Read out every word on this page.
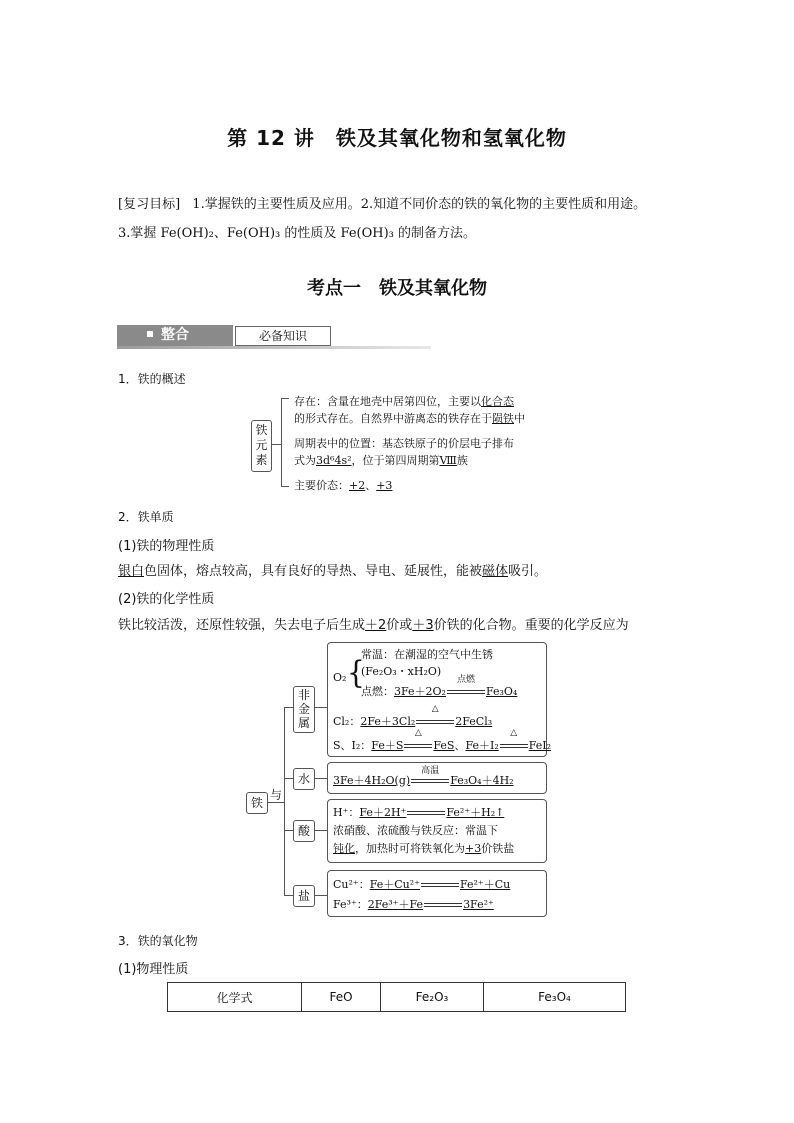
第 12 讲　铁及其氧化物和氢氧化物
[复习目标] 1.掌握铁的主要性质及应用。2.知道不同价态的铁的氧化物的主要性质和用途。
3.掌握 Fe(OH)₂、Fe(OH)₃ 的性质及 Fe(OH)₃ 的制备方法。
考点一　铁及其氧化物
整合	必备知识
1．铁的概述
铁元素
存在：含量在地壳中居第四位，主要以化合态
的形式存在。自然界中游离态的铁存在于陨铁中
周期表中的位置：基态铁原子的价层电子排布
式为3d⁶4s²，位于第四周期第Ⅷ族
主要价态：+2、+3
2．铁单质
(1)铁的物理性质
银白色固体，熔点较高，具有良好的导热、导电、延展性，能被磁体吸引。
(2)铁的化学性质
铁比较活泼，还原性较强，失去电子后生成＋2价或＋3价铁的化合物。重要的化学反应为
铁
与
非金属
水
酸
盐
O₂ {
常温：在潮湿的空气中生锈
(Fe₂O₃・xH₂O)
点燃：3Fe＋2O₂
点燃
Fe₃O₄
Cl₂：2Fe＋3Cl₂
△
2FeCl₃
S、I₂：Fe＋S
△
FeS、Fe＋I₂
△
FeI₂
3Fe＋4H₂O(g)
高温
Fe₃O₄＋4H₂
H⁺：Fe＋2H⁺	Fe²⁺＋H₂↑
浓硝酸、浓硫酸与铁反应：常温下
钝化，加热时可将铁氧化为+3价铁盐
Cu²⁺：Fe＋Cu²⁺	Fe²⁺＋Cu
Fe³⁺：2Fe³⁺＋Fe	3Fe²⁺
3．铁的氧化物
(1)物理性质
化学式	FeO	Fe₂O₃	Fe₃O₄
